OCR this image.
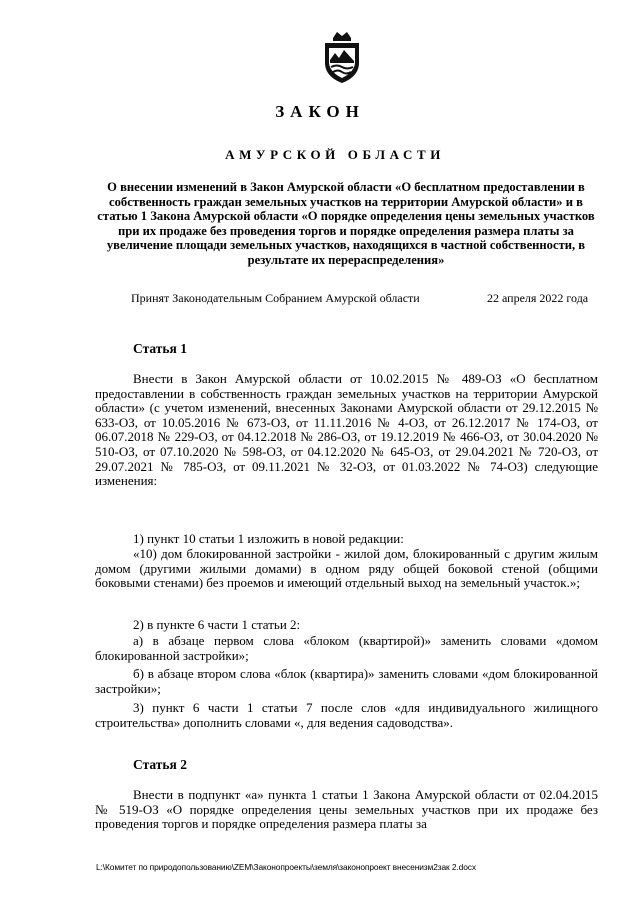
ЗАКОН
АМУРСКОЙ ОБЛАСТИ
О внесении изменений в Закон Амурской области «О бесплатном предоставлении в собственность граждан земельных участков на территории Амурской области» и в статью 1 Закона Амурской области «О порядке определения цены земельных участков при их продаже без проведения торгов и порядке определения размера платы за увеличение площади земельных участков, находящихся в частной собственности, в результате их перераспределения»
Принят Законодательным Собранием Амурской области	22 апреля 2022 года
Статья 1
Внести в Закон Амурской области от 10.02.2015 № 489-ОЗ «О бесплатном предоставлении в собственность граждан земельных участков на территории Амурской области» (с учетом изменений, внесенных Законами Амурской области от 29.12.2015 № 633-ОЗ, от 10.05.2016 № 673-ОЗ, от 11.11.2016 № 4-ОЗ, от 26.12.2017 № 174-ОЗ, от 06.07.2018 № 229-ОЗ, от 04.12.2018 № 286-ОЗ, от 19.12.2019 № 466-ОЗ, от 30.04.2020 № 510-ОЗ, от 07.10.2020 № 598-ОЗ, от 04.12.2020 № 645-ОЗ, от 29.04.2021 № 720-ОЗ, от 29.07.2021 № 785-ОЗ, от 09.11.2021 № 32-ОЗ, от 01.03.2022 № 74-ОЗ) следующие изменения:
1) пункт 10 статьи 1 изложить в новой редакции:
«10) дом блокированной застройки - жилой дом, блокированный с другим жилым домом (другими жилыми домами) в одном ряду общей боковой стеной (общими боковыми стенами) без проемов и имеющий отдельный выход на земельный участок.»;
2) в пункте 6 части 1 статьи 2:
а) в абзаце первом слова «блоком (квартирой)» заменить словами «домом блокированной застройки»;
б) в абзаце втором слова «блок (квартира)» заменить словами «дом блокированной застройки»;
3) пункт 6 части 1 статьи 7 после слов «для индивидуального жилищного строительства» дополнить словами «, для ведения садоводства».
Статья 2
Внести в подпункт «а» пункта 1 статьи 1 Закона Амурской области от 02.04.2015 № 519-ОЗ «О порядке определения цены земельных участков при их продаже без проведения торгов и порядке определения размера платы за
L:\Комитет по природопользованию\ZEM\Законопроекты\земля\законопроект внесенизм2зак 2.docx
